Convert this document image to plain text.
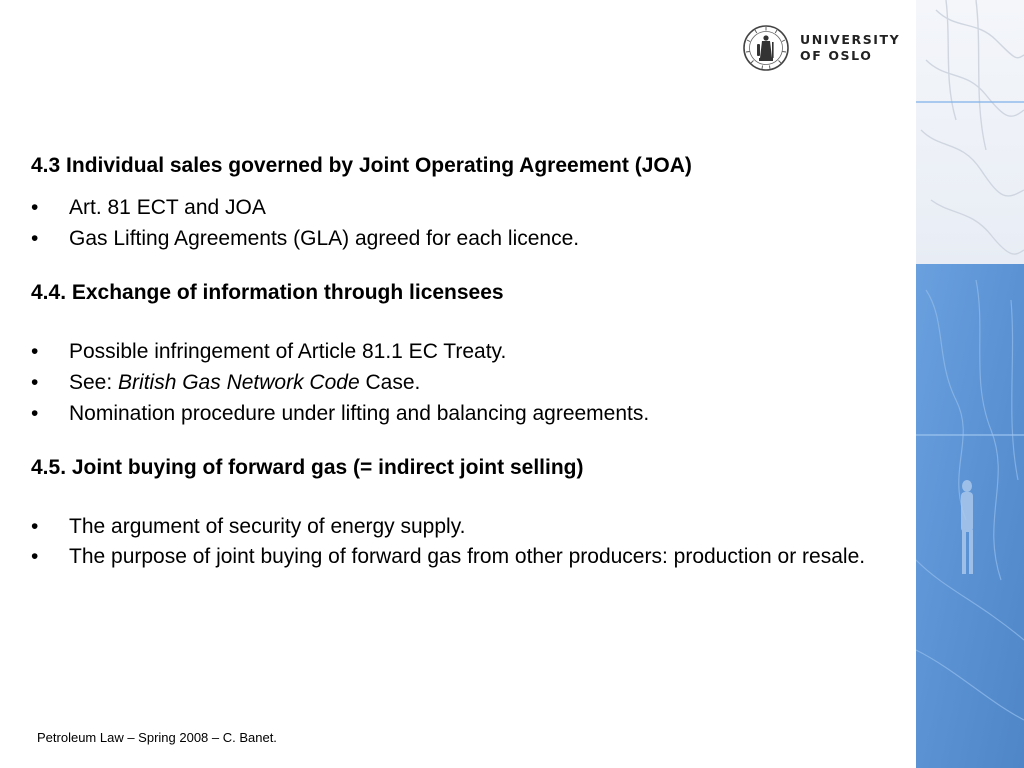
UNIVERSITY
OF OSLO

4.3 Individual sales governed by Joint Operating Agreement (JOA)

• Art. 81 ECT and JOA
• Gas Lifting Agreements (GLA) agreed for each licence.

4.4. Exchange of information through licensees

• Possible infringement of Article 81.1 EC Treaty.
• See: British Gas Network Code Case.
• Nomination procedure under lifting and balancing agreements.

4.5. Joint buying of forward gas (= indirect joint selling)

• The argument of security of energy supply.
• The purpose of joint buying of forward gas from other producers: production or resale.
Petroleum Law – Spring 2008 – C. Banet.
